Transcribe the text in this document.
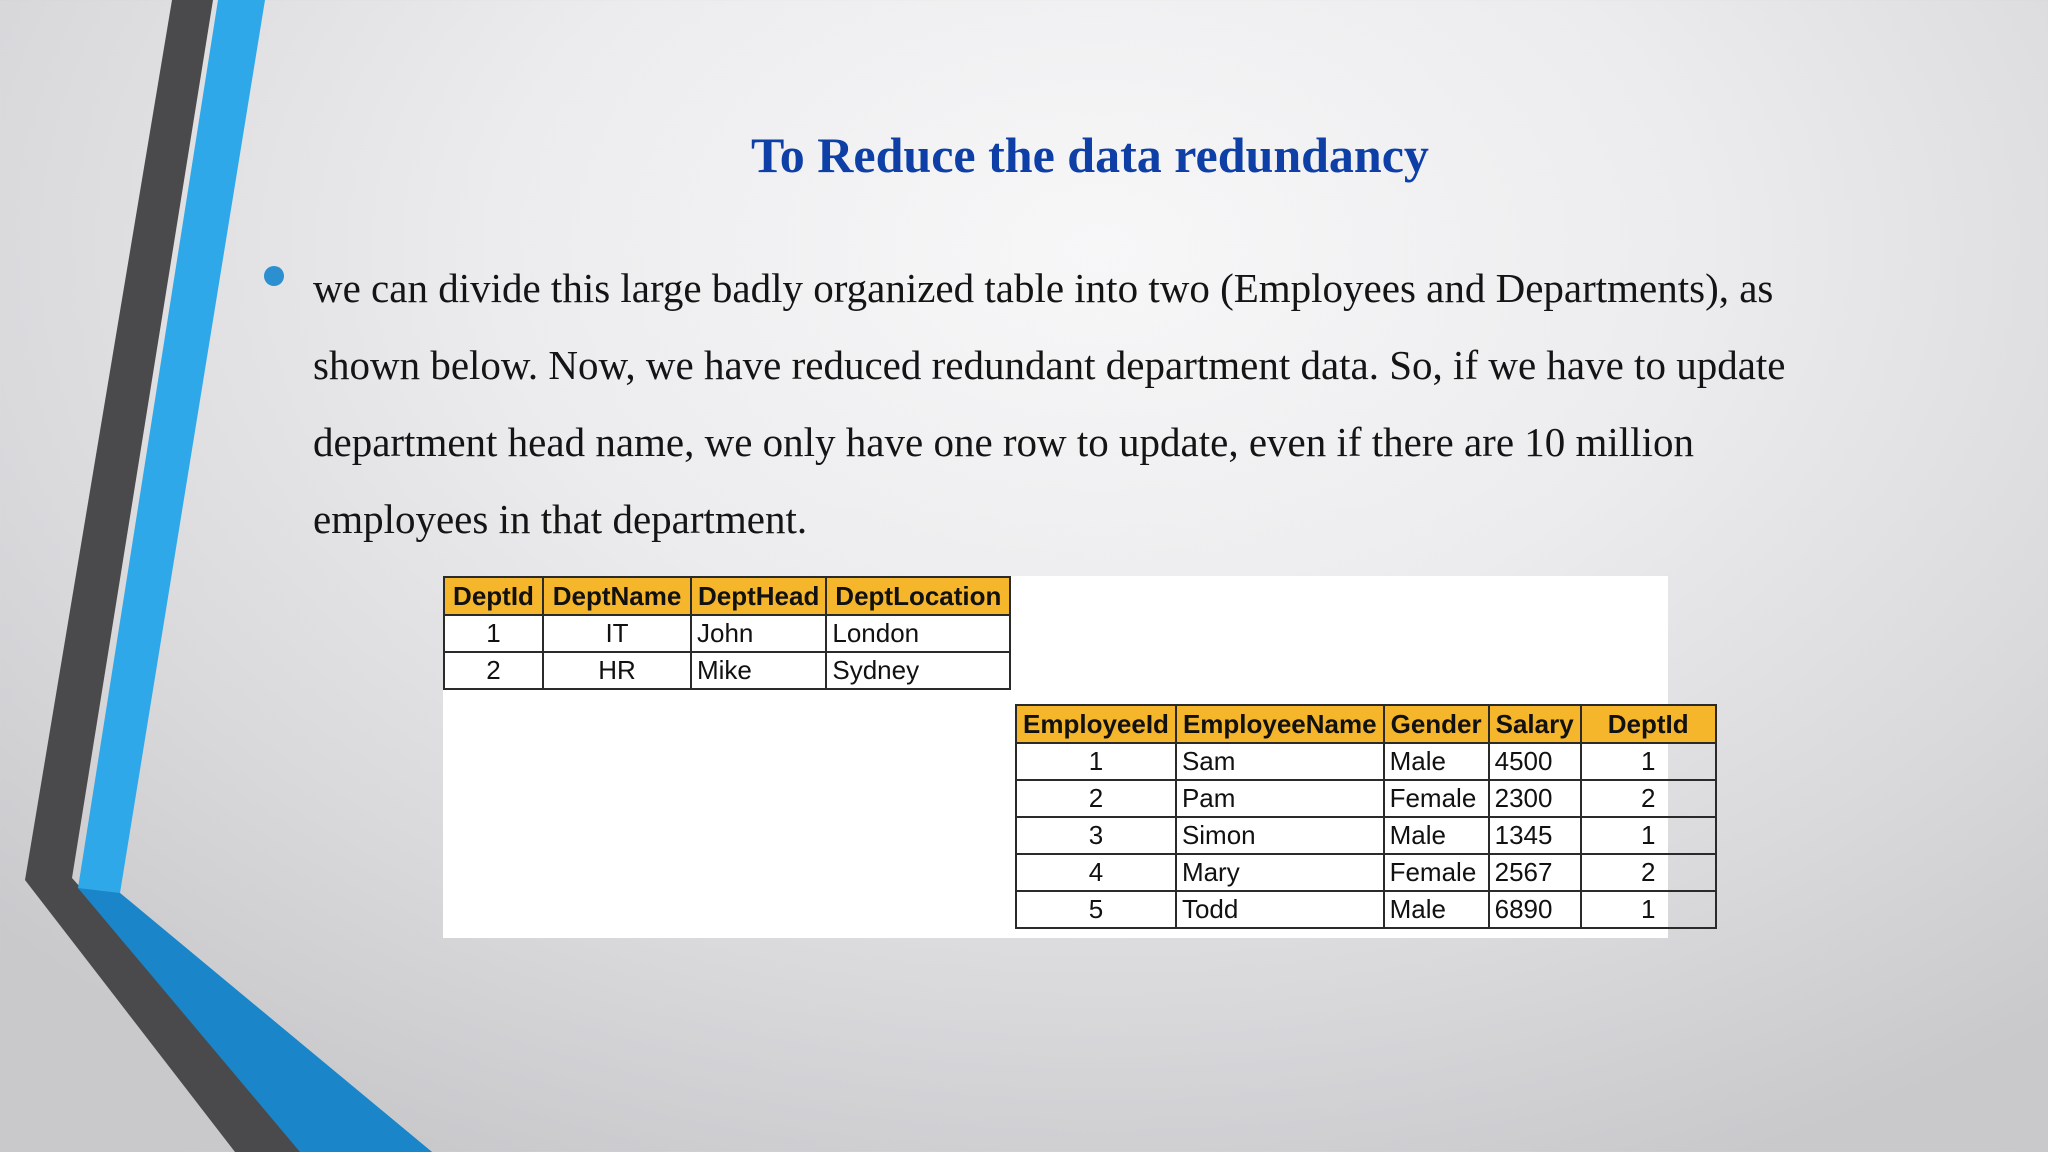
To Reduce the data redundancy

we can divide this large badly organized table into two (Employees and Departments), as shown below. Now, we have reduced redundant department data. So, if we have to update department head name, we only have one row to update, even if there are 10 million employees in that department.

DeptId	DeptName	DeptHead	DeptLocation
1	IT	John	London
2	HR	Mike	Sydney
EmployeeId	EmployeeName	Gender	Salary	DeptId
1	Sam	Male	4500	1
2	Pam	Female	2300	2
3	Simon	Male	1345	1
4	Mary	Female	2567	2
5	Todd	Male	6890	1
